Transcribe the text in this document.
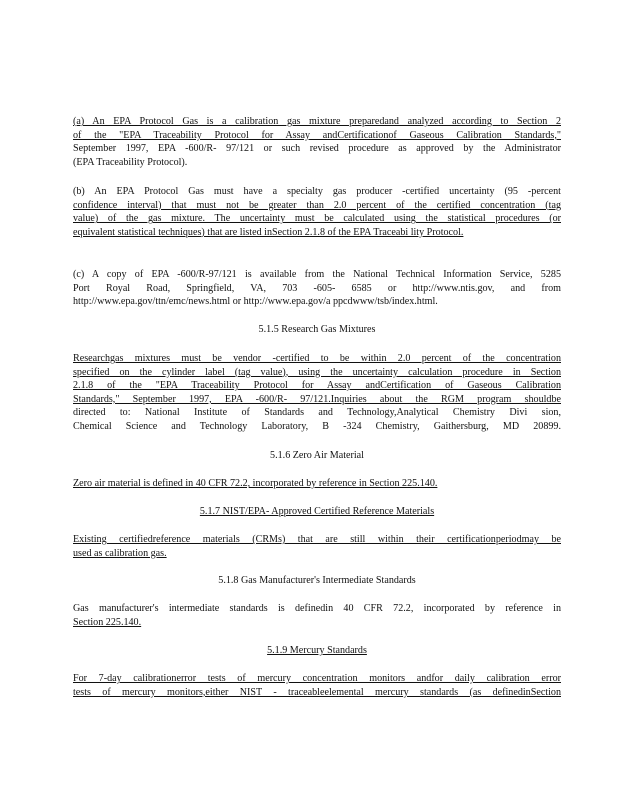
(a) An EPA Protocol Gas is a calibration gas mixture preparedand analyzed according to Section 2
of the "EPA Traceability Protocol for Assay andCertificationof Gaseous Calibration Standards,"
September 1997, EPA -600/R- 97/121 or such revised procedure as approved by the Administrator
(EPA Traceability Protocol).
(b) An EPA Protocol Gas must have a specialty gas producer -certified uncertainty (95 -percent
confidence interval) that must not be greater than 2.0 percent of the certified concentration (tag
value) of the gas mixture. The uncertainty must be calculated using the statistical procedures (or
equivalent statistical techniques) that are listed inSection 2.1.8 of the EPA Traceabi lity Protocol.
(c) A copy of EPA -600/R-97/121 is available from the National Technical Information Service, 5285
Port Royal Road, Springfield, VA, 703 -605- 6585 or http://www.ntis.gov, and from
http://www.epa.gov/ttn/emc/news.html or http://www.epa.gov/a ppcdwww/tsb/index.html.
5.1.5 Research Gas Mixtures
Researchgas mixtures must be vendor -certified to be within 2.0 percent of the concentration
specified on the cylinder label (tag value), using the uncertainty calculation procedure in Section
2.1.8 of the "EPA Traceability Protocol for Assay andCertification of Gaseous Calibration
Standards," September 1997, EPA -600/R- 97/121.Inquiries about the RGM program shouldbe
directed to: National Institute of Standards and Technology,Analytical Chemistry Divi sion,
Chemical Science and Technology Laboratory, B -324 Chemistry, Gaithersburg, MD 20899.
5.1.6 Zero Air Material
Zero air material is defined in 40 CFR 72.2, incorporated by reference in Section 225.140.
5.1.7 NIST/EPA- Approved Certified Reference Materials
Existing certifiedreference materials (CRMs) that are still within their certificationperiodmay be
used as calibration gas.
5.1.8 Gas Manufacturer's Intermediate Standards
Gas manufacturer's intermediate standards is definedin 40 CFR 72.2, incorporated by reference in
Section 225.140.
5.1.9 Mercury Standards
For 7-day calibrationerror tests of mercury concentration monitors andfor daily calibration error
tests of mercury monitors,either NIST - traceableelemental mercury standards (as definedinSection
